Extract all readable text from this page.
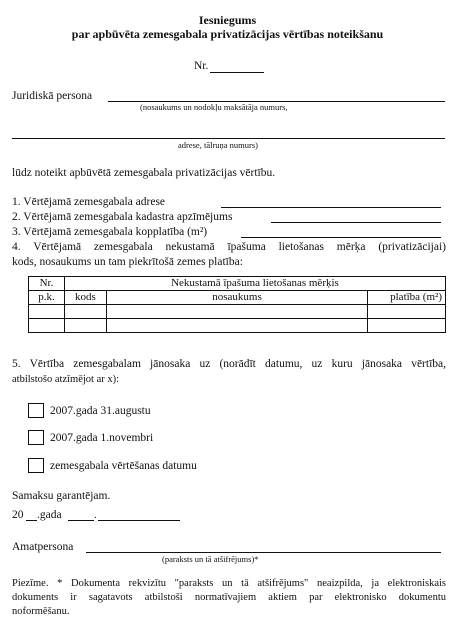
Iesniegums
par apbūvēta zemesgabala privatizācijas vērtības noteikšanu
Nr.
Juridiskā persona
(nosaukums un nodokļu maksātāja numurs,
adrese, tālruņa numurs)
lūdz noteikt apbūvētā zemesgabala privatizācijas vērtību.
1. Vērtējamā zemesgabala adrese
2. Vērtējamā zemesgabala kadastra apzīmējums
3. Vērtējamā zemesgabala kopplatība (m²)
4. Vērtējamā zemesgabala nekustamā īpašuma lietošanas mērķa (privatizācijai)
kods, nosaukums un tam piekrītošā zemes platība:
Nr.	Nekustamā īpašuma lietošanas mērķis		
p.k.	kods	nosaukums	platība (m²)

5. Vērtība zemesgabalam jānosaka uz (norādīt datumu, uz kuru jānosaka vērtība,
atbilstošo atzīmējot ar x):
2007.gada 31.augustu
2007.gada 1.novembri
zemesgabala vērtēšanas datumu
Samaksu garantējam.
20 .gada	.
Amatpersona
(paraksts un tā atšifrējums)*
Piezīme. * Dokumenta rekvizītu "paraksts un tā atšifrējums" neaizpilda, ja elektroniskais
dokuments ir sagatavots atbilstoši normatīvajiem aktiem par elektronisko dokumentu
noformēšanu.
